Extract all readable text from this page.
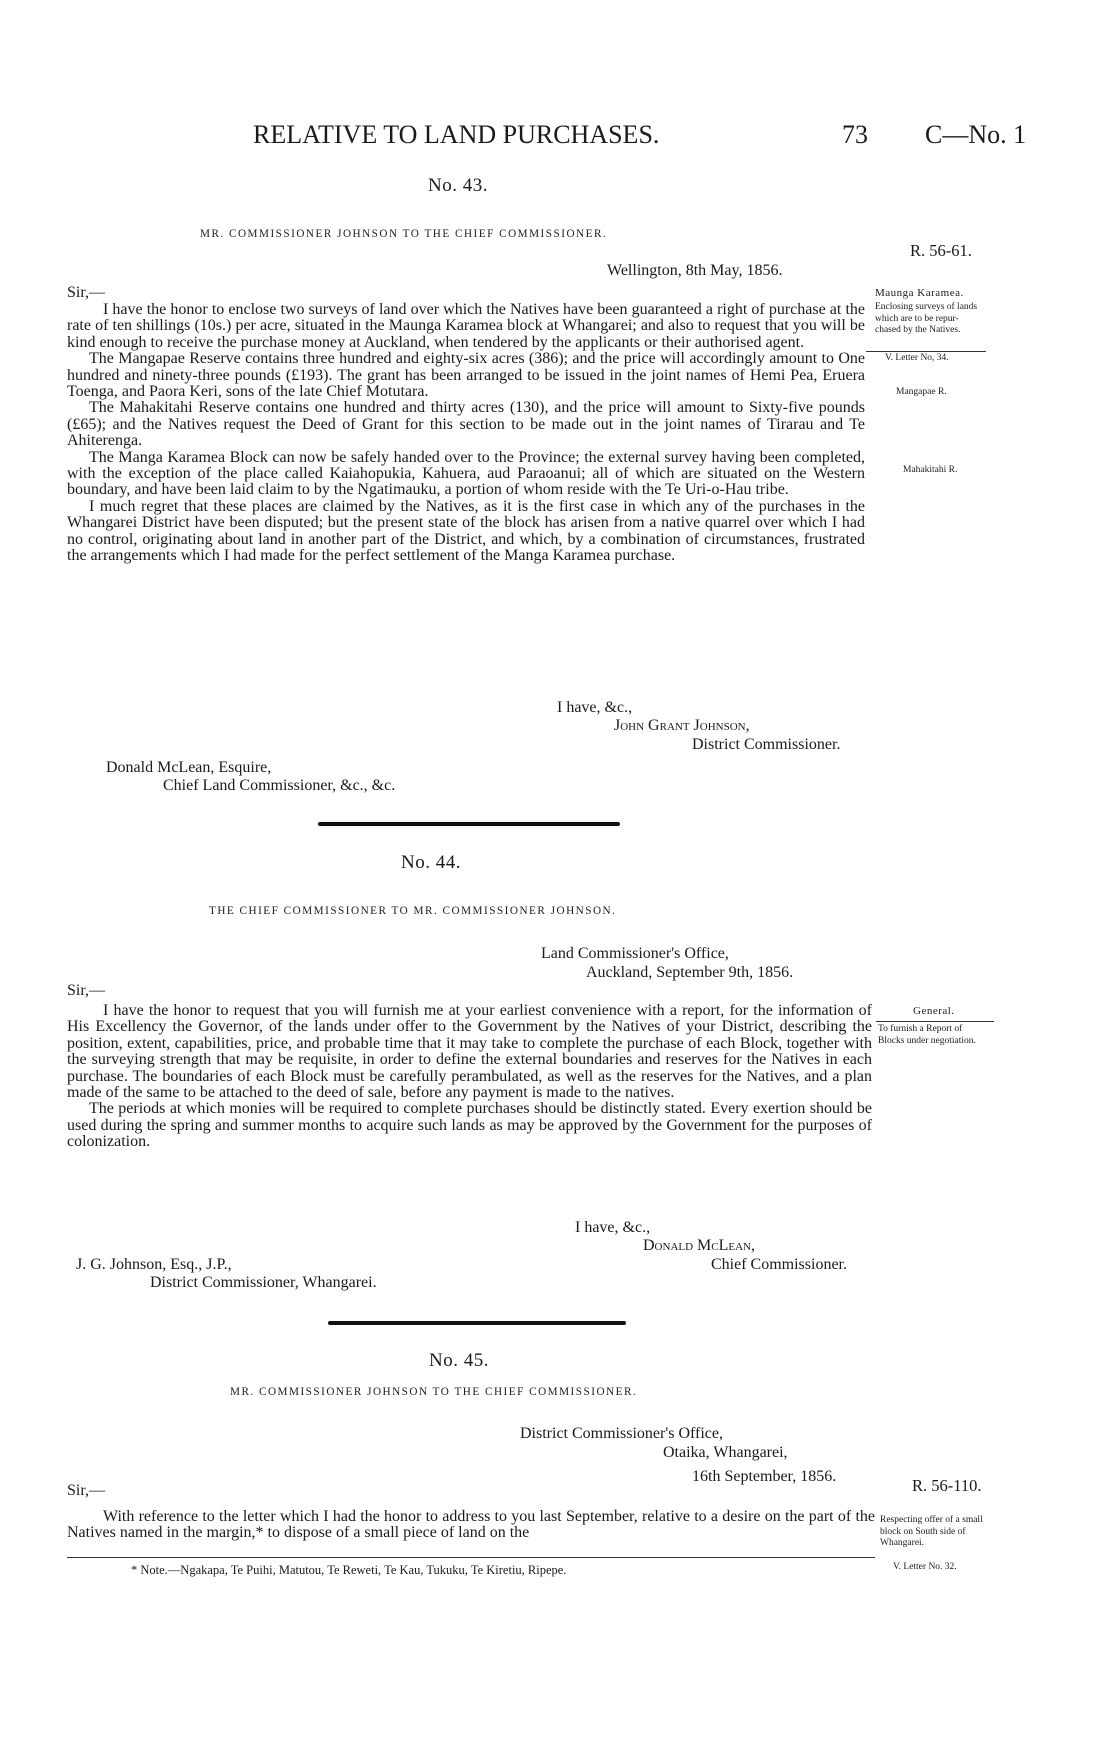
RELATIVE TO LAND PURCHASES.	73 C—No. 1
No. 43.
MR. COMMISSIONER JOHNSON TO THE CHIEF COMMISSIONER.
R. 56-61.
Wellington, 8th May, 1856.
Sir,—	Maunga Karamea.
Enclosing surveys of lands
which are to be repur-
chased by the Natives.
V. Letter No, 34.
Mangapae R.
Mahakitahi R.

I have the honor to enclose two surveys of land over which the Natives have been guaranteed a right of purchase at the rate of ten shillings (10s.) per acre, situated in the Maunga Karamea block at Whangarei; and also to request that you will be kind enough to receive the purchase money at Auckland, when tendered by the applicants or their authorised agent.

The Mangapae Reserve contains three hundred and eighty-six acres (386); and the price will accordingly amount to One hundred and ninety-three pounds (£193). The grant has been arranged to be issued in the joint names of Hemi Pea, Eruera Toenga, and Paora Keri, sons of the late Chief Motutara.

The Mahakitahi Reserve contains one hundred and thirty acres (130), and the price will amount to Sixty-five pounds (£65); and the Natives request the Deed of Grant for this section to be made out in the joint names of Tirarau and Te Ahiterenga.

The Manga Karamea Block can now be safely handed over to the Province; the external survey having been completed, with the exception of the place called Kaiahopukia, Kahuera, aud Paraoanui; all of which are situated on the Western boundary, and have been laid claim to by the Ngatimauku, a portion of whom reside with the Te Uri-o-Hau tribe.

I much regret that these places are claimed by the Natives, as it is the first case in which any of the purchases in the Whangarei District have been disputed; but the present state of the block has arisen from a native quarrel over which I had no control, originating about land in another part of the District, and which, by a combination of circumstances, frustrated the arrangements which I had made for the perfect settlement of the Manga Karamea purchase.

I have, &c.,
John Grant Johnson,
District Commissioner.
Donald McLean, Esquire,
Chief Land Commissioner, &c., &c.
No. 44.
THE CHIEF COMMISSIONER TO MR. COMMISSIONER JOHNSON.
Land Commissioner's Office,
Auckland, September 9th, 1856.
Sir,—
General.
To furnish a Report of
Blocks under negotiation.

I have the honor to request that you will furnish me at your earliest convenience with a report, for the information of His Excellency the Governor, of the lands under offer to the Government by the Natives of your District, describing the position, extent, capabilities, price, and probable time that it may take to complete the purchase of each Block, together with the surveying strength that may be requisite, in order to define the external boundaries and reserves for the Natives in each purchase. The boundaries of each Block must be carefully perambulated, as well as the reserves for the Natives, and a plan made of the same to be attached to the deed of sale, before any payment is made to the natives.

The periods at which monies will be required to complete purchases should be distinctly stated. Every exertion should be used during the spring and summer months to acquire such lands as may be approved by the Government for the purposes of colonization.

I have, &c.,
Donald McLean,
Chief Commissioner.
J. G. Johnson, Esq., J.P.,
District Commissioner, Whangarei.
No. 45.
MR. COMMISSIONER JOHNSON TO THE CHIEF COMMISSIONER.
District Commissioner's Office,
Otaika, Whangarei,
16th September, 1856.	R. 56-110.
Sir,—
Respecting offer of a small
block on South side of
Whangarei.

With reference to the letter which I had the honor to address to you last September, relative to a desire on the part of the Natives named in the margin,* to dispose of a small piece of land on the

* Note.—Ngakapa, Te Puihi, Matutou, Te Reweti, Te Kau, Tukuku, Te Kiretiu, Ripepe.	V. Letter No. 32.
